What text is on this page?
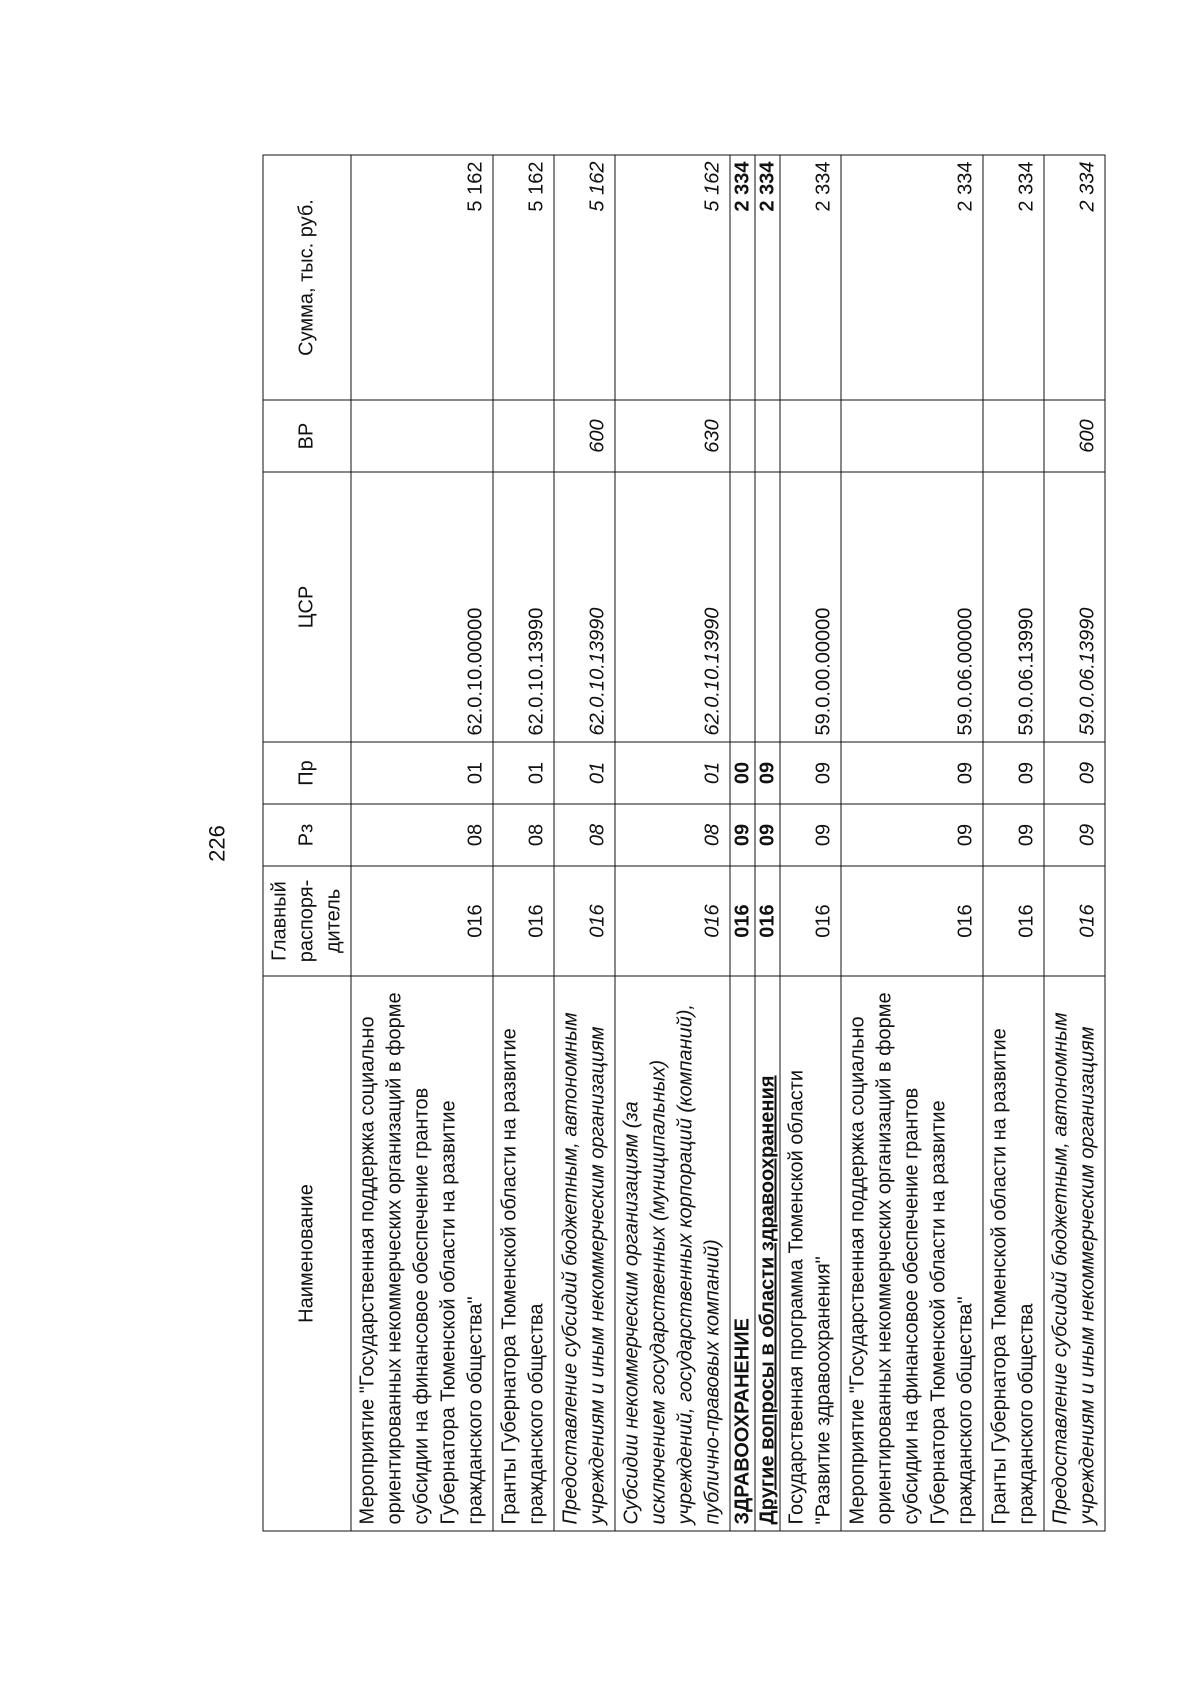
226
Наименование	Главный распоря-дитель	Рз	Пр	ЦСР	ВР	Сумма, тыс. руб.
Мероприятие "Государственная поддержка социально ориентированных некоммерческих организаций в форме субсидии на финансовое обеспечение грантов Губернатора Тюменской области на развитие гражданского общества"	016	08	01	62.0.10.00000		5 162
Гранты Губернатора Тюменской области на развитие гражданского общества	016	08	01	62.0.10.13990		5 162
Предоставление субсидий бюджетным, автономным учреждениям и иным некоммерческим организациям	016	08	01	62.0.10.13990	600	5 162
Субсидии некоммерческим организациям (за исключением государственных (муниципальных) учреждений, государственных корпораций (компаний), публично-правовых компаний)	016	08	01	62.0.10.13990	630	5 162
ЗДРАВООХРАНЕНИЕ	016	09	00			2 334
Другие вопросы в области здравоохранения	016	09	09			2 334
Государственная программа Тюменской области "Развитие здравоохранения"	016	09	09	59.0.00.00000		2 334
Мероприятие "Государственная поддержка социально ориентированных некоммерческих организаций в форме субсидии на финансовое обеспечение грантов Губернатора Тюменской области на развитие гражданского общества"	016	09	09	59.0.06.00000		2 334
Гранты Губернатора Тюменской области на развитие гражданского общества	016	09	09	59.0.06.13990		2 334
Предоставление субсидий бюджетным, автономным учреждениям и иным некоммерческим организациям	016	09	09	59.0.06.13990	600	2 334
